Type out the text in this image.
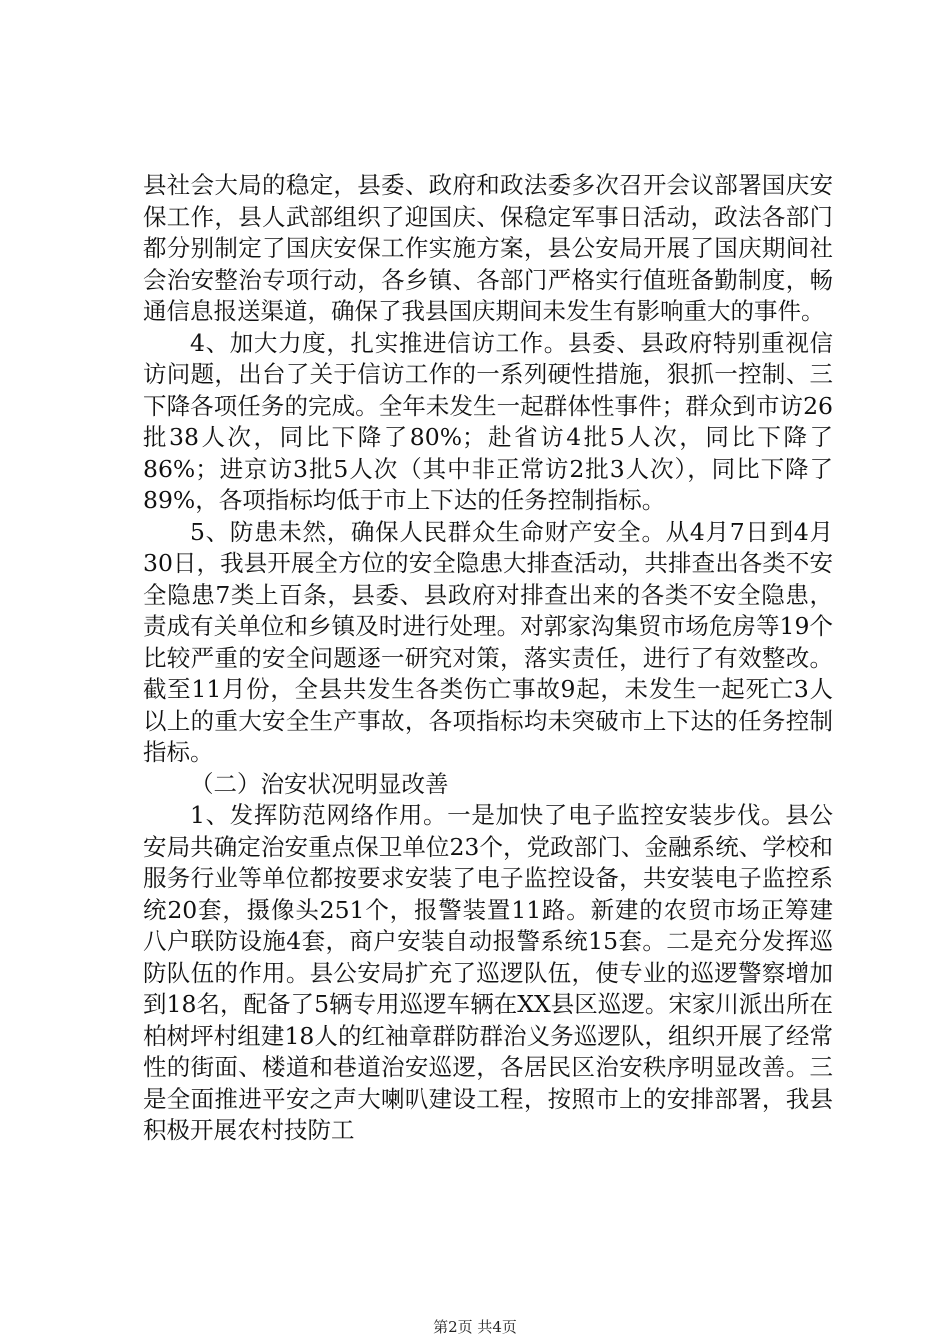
县社会大局的稳定，县委、政府和政法委多次召开会议部署国庆安保工作，县人武部组织了迎国庆、保稳定军事日活动，政法各部门都分别制定了国庆安保工作实施方案，县公安局开展了国庆期间社会治安整治专项行动，各乡镇、各部门严格实行值班备勤制度，畅通信息报送渠道，确保了我县国庆期间未发生有影响重大的事件。

4、加大力度，扎实推进信访工作。县委、县政府特别重视信访问题，出台了关于信访工作的一系列硬性措施，狠抓一控制、三下降各项任务的完成。全年未发生一起群体性事件；群众到市访26批38人次，同比下降了80%；赴省访4批5人次，同比下降了86%；进京访3批5人次（其中非正常访2批3人次），同比下降了89%，各项指标均低于市上下达的任务控制指标。

5、防患未然，确保人民群众生命财产安全。从4月7日到4月30日，我县开展全方位的安全隐患大排查活动，共排查出各类不安全隐患7类上百条，县委、县政府对排查出来的各类不安全隐患，责成有关单位和乡镇及时进行处理。对郭家沟集贸市场危房等19个比较严重的安全问题逐一研究对策，落实责任，进行了有效整改。截至11月份，全县共发生各类伤亡事故9起，未发生一起死亡3人以上的重大安全生产事故，各项指标均未突破市上下达的任务控制指标。

（二）治安状况明显改善

1、发挥防范网络作用。一是加快了电子监控安装步伐。县公安局共确定治安重点保卫单位23个，党政部门、金融系统、学校和服务行业等单位都按要求安装了电子监控设备，共安装电子监控系统20套，摄像头251个，报警装置11路。新建的农贸市场正筹建八户联防设施4套，商户安装自动报警系统15套。二是充分发挥巡防队伍的作用。县公安局扩充了巡逻队伍，使专业的巡逻警察增加到18名，配备了5辆专用巡逻车辆在XX县区巡逻。宋家川派出所在柏树坪村组建18人的红袖章群防群治义务巡逻队，组织开展了经常性的街面、楼道和巷道治安巡逻，各居民区治安秩序明显改善。三是全面推进平安之声大喇叭建设工程，按照市上的安排部署，我县积极开展农村技防工

第2页 共4页
